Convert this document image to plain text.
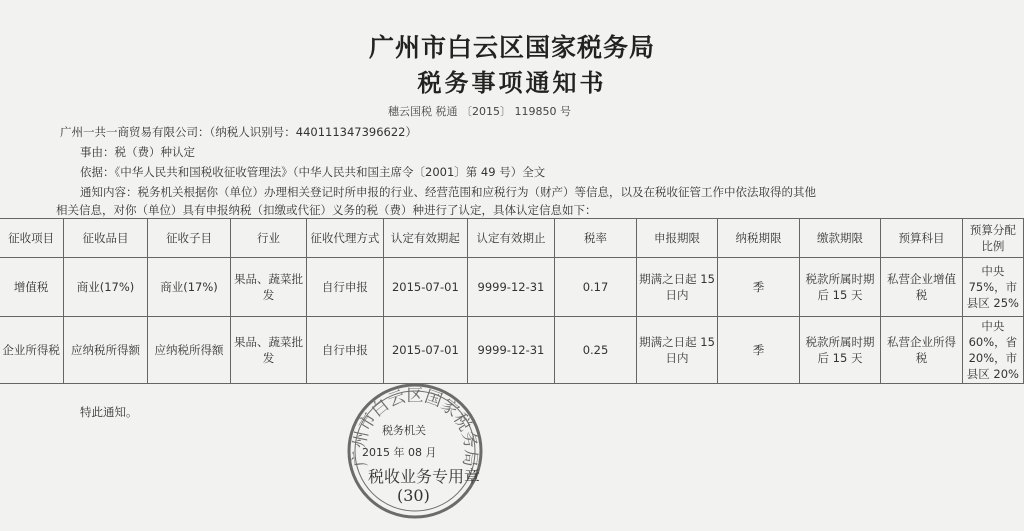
广州市白云区国家税务局
税务事项通知书
穗云国税 税通 〔2015〕 119850 号
广州一共一商贸易有限公司：（纳税人识别号：440111347396622）
事由：税（费）种认定
依据：《中华人民共和国税收征收管理法》（中华人民共和国主席令〔2001〕第 49 号）全文
通知内容：税务机关根据你（单位）办理相关登记时所申报的行业、经营范围和应税行为（财产）等信息，以及在税收征管工作中依法取得的其他
相关信息，对你（单位）具有申报纳税（扣缴或代征）义务的税（费）种进行了认定，具体认定信息如下：
征收项目	征收品目	征收子目	行业	征收代理方式	认定有效期起	认定有效期止	税率	申报期限	纳税期限	缴款期限	预算科目	预算分配比例
增值税	商业(17%)	商业(17%)	果品、蔬菜批发	自行申报	2015-07-01	9999-12-31	0.17	期满之日起 15 日内	季	税款所属时期后 15 天	私营企业增值税	中央 75%，市县区 25%
企业所得税	应纳税所得额	应纳税所得额	果品、蔬菜批发	自行申报	2015-07-01	9999-12-31	0.25	期满之日起 15 日内	季	税款所属时期后 15 天	私营企业所得税	中央 60%，省 20%，市县区 20%
特此通知。
广州市白云区国家税务局
税务机关
2015 年 08 月
税收业务专用章
(30)
